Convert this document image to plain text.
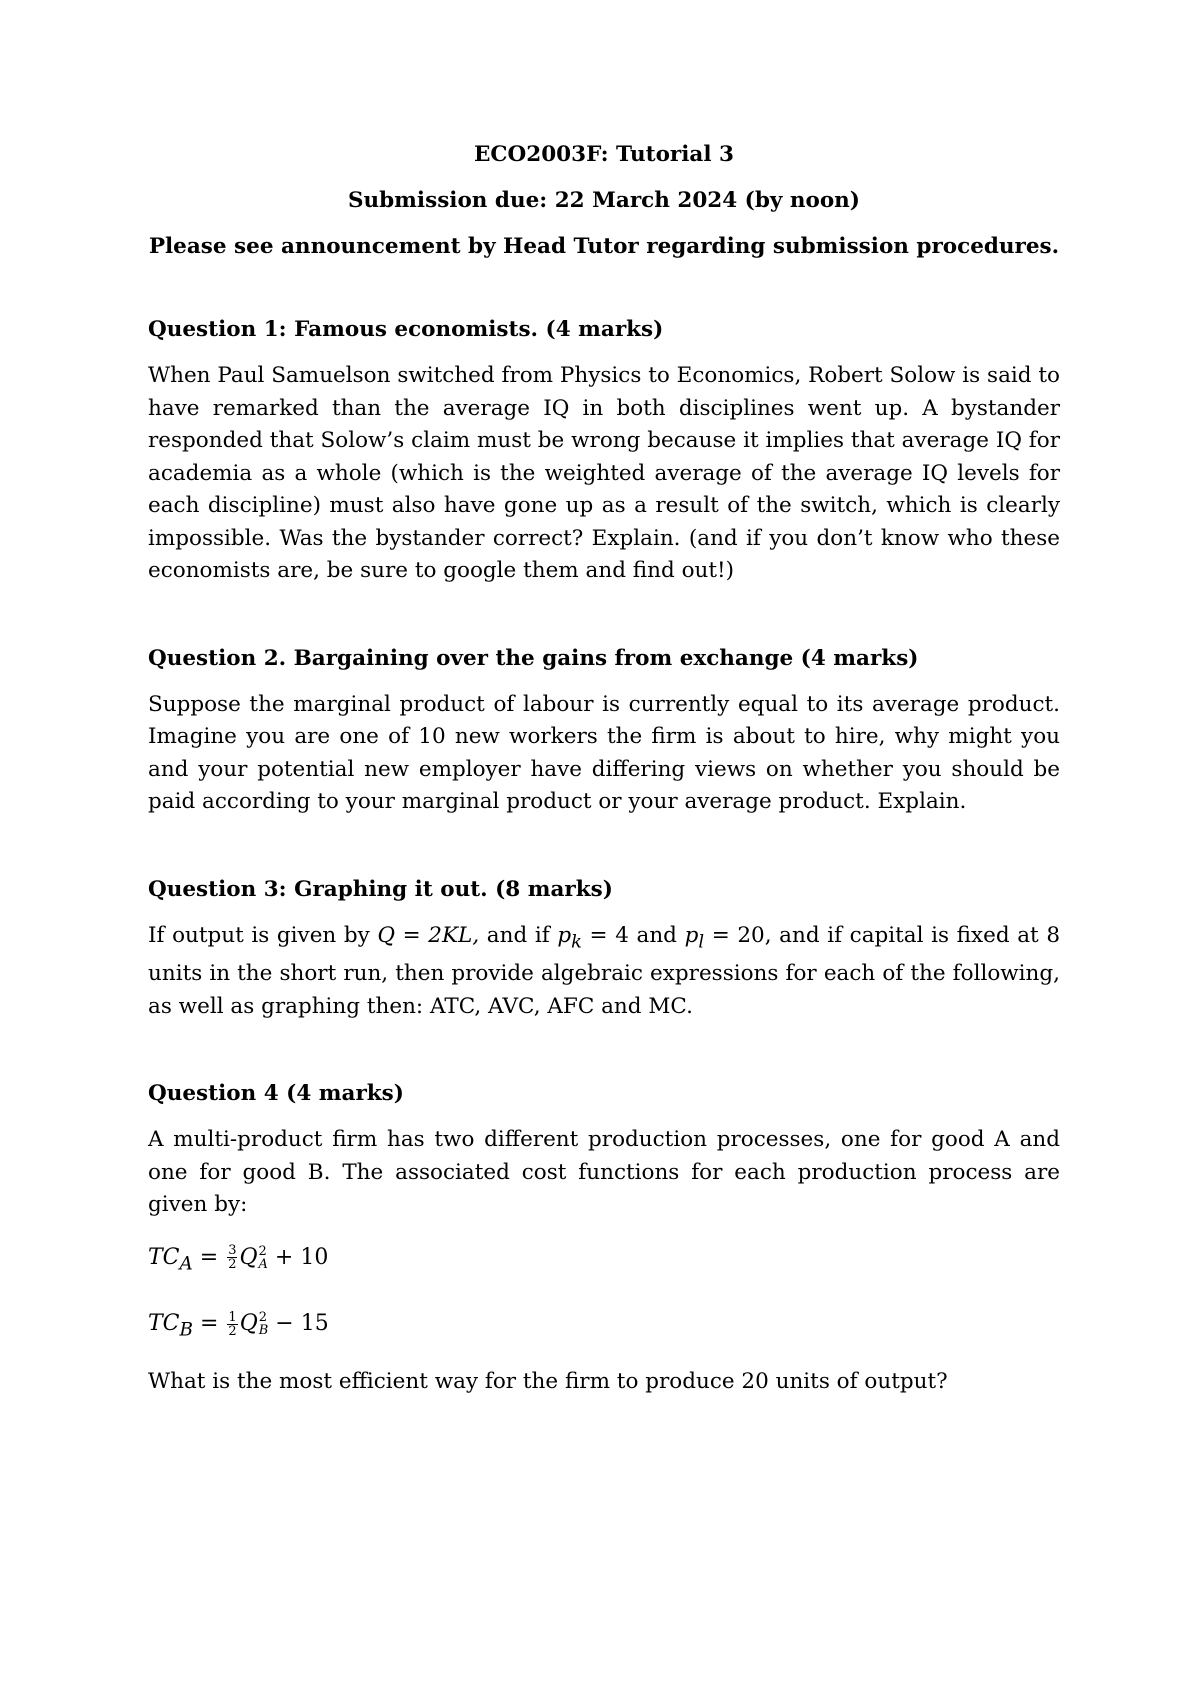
ECO2003F: Tutorial 3

Submission due: 22 March 2024 (by noon)

Please see announcement by Head Tutor regarding submission procedures.

Question 1: Famous economists. (4 marks)

When Paul Samuelson switched from Physics to Economics, Robert Solow is said to have remarked than the average IQ in both disciplines went up. A bystander responded that Solow’s claim must be wrong because it implies that average IQ for academia as a whole (which is the weighted average of the average IQ levels for each discipline) must also have gone up as a result of the switch, which is clearly impossible. Was the bystander correct? Explain. (and if you don’t know who these economists are, be sure to google them and find out!)

Question 2. Bargaining over the gains from exchange (4 marks)

Suppose the marginal product of labour is currently equal to its average product. Imagine you are one of 10 new workers the firm is about to hire, why might you and your potential new employer have differing views on whether you should be paid according to your marginal product or your average product. Explain.

Question 3: Graphing it out. (8 marks)

If output is given by Q = 2KL, and if $p_k = 4$ and $p_l = 20$, and if capital is fixed at 8 units in the short run, then provide algebraic expressions for each of the following, as well as graphing then: ATC, AVC, AFC and MC.

Question 4 (4 marks)

A multi-product firm has two different production processes, one for good A and one for good B. The associated cost functions for each production process are given by:

$TC_A = \frac{3}{2}$ Q 2
A + 10

$TC_B = \frac{1}{2}$ Q 2
B − 15

What is the most efficient way for the firm to produce 20 units of output?
